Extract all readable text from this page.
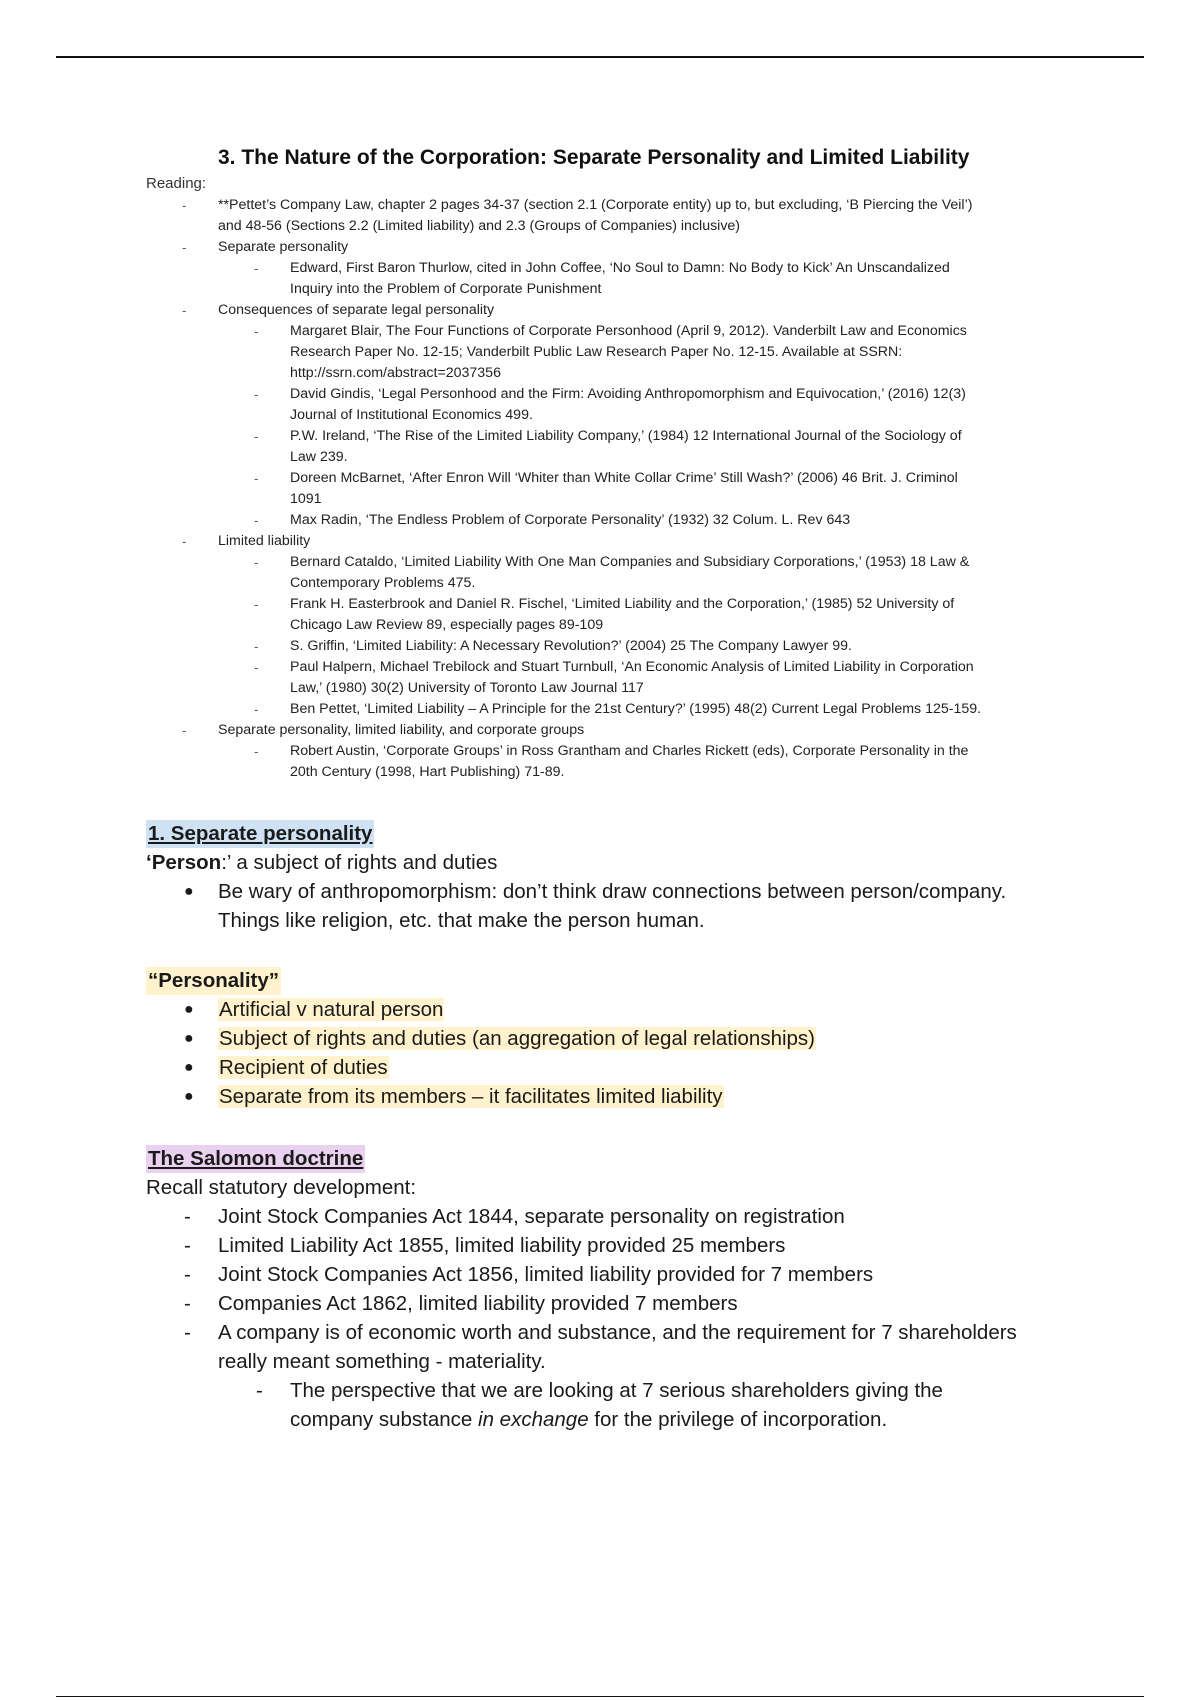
3. The Nature of the Corporation: Separate Personality and Limited Liability
Reading:
- **Pettet’s Company Law, chapter 2 pages 34-37 (section 2.1 (Corporate entity) up to, but excluding, ‘B Piercing the Veil’)
and 48-56 (Sections 2.2 (Limited liability) and 2.3 (Groups of Companies) inclusive)
- Separate personality
- Edward, First Baron Thurlow, cited in John Coffee, ‘No Soul to Damn: No Body to Kick’ An Unscandalized
Inquiry into the Problem of Corporate Punishment
- Consequences of separate legal personality
- Margaret Blair, The Four Functions of Corporate Personhood (April 9, 2012). Vanderbilt Law and Economics
Research Paper No. 12-15; Vanderbilt Public Law Research Paper No. 12-15. Available at SSRN:
http://ssrn.com/abstract=2037356
- David Gindis, ‘Legal Personhood and the Firm: Avoiding Anthropomorphism and Equivocation,’ (2016) 12(3)
Journal of Institutional Economics 499.
- P.W. Ireland, ‘The Rise of the Limited Liability Company,’ (1984) 12 International Journal of the Sociology of
Law 239.
- Doreen McBarnet, ‘After Enron Will ‘Whiter than White Collar Crime’ Still Wash?’ (2006) 46 Brit. J. Criminol
1091
- Max Radin, ‘The Endless Problem of Corporate Personality’ (1932) 32 Colum. L. Rev 643
- Limited liability
- Bernard Cataldo, ‘Limited Liability With One Man Companies and Subsidiary Corporations,’ (1953) 18 Law &
Contemporary Problems 475.
- Frank H. Easterbrook and Daniel R. Fischel, ‘Limited Liability and the Corporation,’ (1985) 52 University of
Chicago Law Review 89, especially pages 89-109
- S. Griffin, ‘Limited Liability: A Necessary Revolution?’ (2004) 25 The Company Lawyer 99.
- Paul Halpern, Michael Trebilock and Stuart Turnbull, ‘An Economic Analysis of Limited Liability in Corporation
Law,’ (1980) 30(2) University of Toronto Law Journal 117
- Ben Pettet, ‘Limited Liability – A Principle for the 21st Century?’ (1995) 48(2) Current Legal Problems 125-159.
- Separate personality, limited liability, and corporate groups
- Robert Austin, ‘Corporate Groups’ in Ross Grantham and Charles Rickett (eds), Corporate Personality in the
20th Century (1998, Hart Publishing) 71-89.
1. Separate personality
‘Person:’ a subject of rights and duties
● Be wary of anthropomorphism: don’t think draw connections between person/company.
Things like religion, etc. that make the person human.
“Personality”
● Artificial v natural person
● Subject of rights and duties (an aggregation of legal relationships)
● Recipient of duties
● Separate from its members – it facilitates limited liability
The Salomon doctrine
Recall statutory development:
- Joint Stock Companies Act 1844, separate personality on registration
- Limited Liability Act 1855, limited liability provided 25 members
- Joint Stock Companies Act 1856, limited liability provided for 7 members
- Companies Act 1862, limited liability provided 7 members
- A company is of economic worth and substance, and the requirement for 7 shareholders
really meant something - materiality.
- The perspective that we are looking at 7 serious shareholders giving the
company substance in exchange for the privilege of incorporation.
